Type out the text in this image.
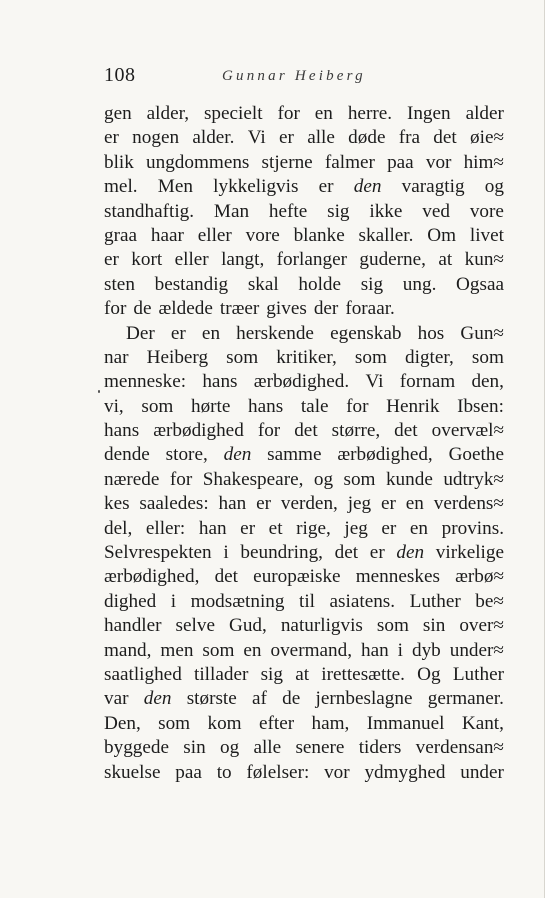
108	Gunnar Heiberg
gen alder, specielt for en herre. Ingen alder
er nogen alder. Vi er alle døde fra det øie≈
blik ungdommens stjerne falmer paa vor him≈
mel. Men lykkeligvis er den varagtig og
standhaftig. Man hefte sig ikke ved vore
graa haar eller vore blanke skaller. Om livet
er kort eller langt, forlanger guderne, at kun≈
sten bestandig skal holde sig ung. Ogsaa
for de ældede træer gives der foraar.
Der er en herskende egenskab hos Gun≈
nar Heiberg som kritiker, som digter, som
menneske: hans ærbødighed. Vi fornam den,
vi, som hørte hans tale for Henrik Ibsen:
hans ærbødighed for det større, det overvæl≈
dende store, den samme ærbødighed, Goethe
nærede for Shakespeare, og som kunde udtryk≈
kes saaledes: han er verden, jeg er en verdens≈
del, eller: han er et rige, jeg er en provins.
Selvrespekten i beundring, det er den virkelige
ærbødighed, det europæiske menneskes ærbø≈
dighed i modsætning til asiatens. Luther be≈
handler selve Gud, naturligvis som sin over≈
mand, men som en overmand, han i dyb under≈
saatlighed tillader sig at irettesætte. Og Luther
var den største af de jernbeslagne germaner.
Den, som kom efter ham, Immanuel Kant,
byggede sin og alle senere tiders verdensan≈
skuelse paa to følelser: vor ydmyghed under
